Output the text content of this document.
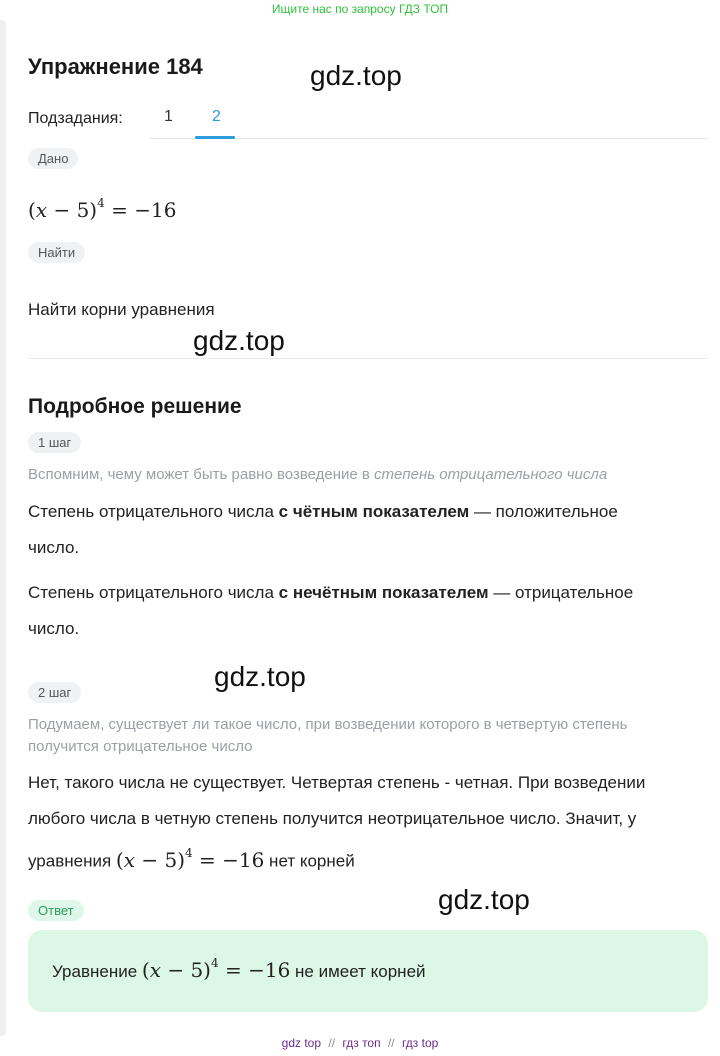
Ищите нас по запросу ГДЗ ТОП
Упражнение 184
Подзадания:	1 2
Дано
$(x - 5)^4 = -16$
Найти
Найти корни уравнения
Подробное решение
1 шаг
Вспомним, чему может быть равно возведение в степень отрицательного числа
Степень отрицательного числа с чётным показателем — положительное число.
Степень отрицательного числа с нечётным показателем — отрицательное число.
2 шаг
Подумаем, существует ли такое число, при возведении которого в четвертую степень получится отрицательное число
Нет, такого числа не существует. Четвертая степень - четная. При возведении
любого числа в четную степень получится неотрицательное число. Значит, у
уравнения $(x - 5)^4 = -16$ нет корней
Ответ
Уравнение $(x - 5)^4 = -16$ не имеет корней
gdz.top
gdz.top
gdz.top
gdz.top
gdz top // гдз топ // гдз top
